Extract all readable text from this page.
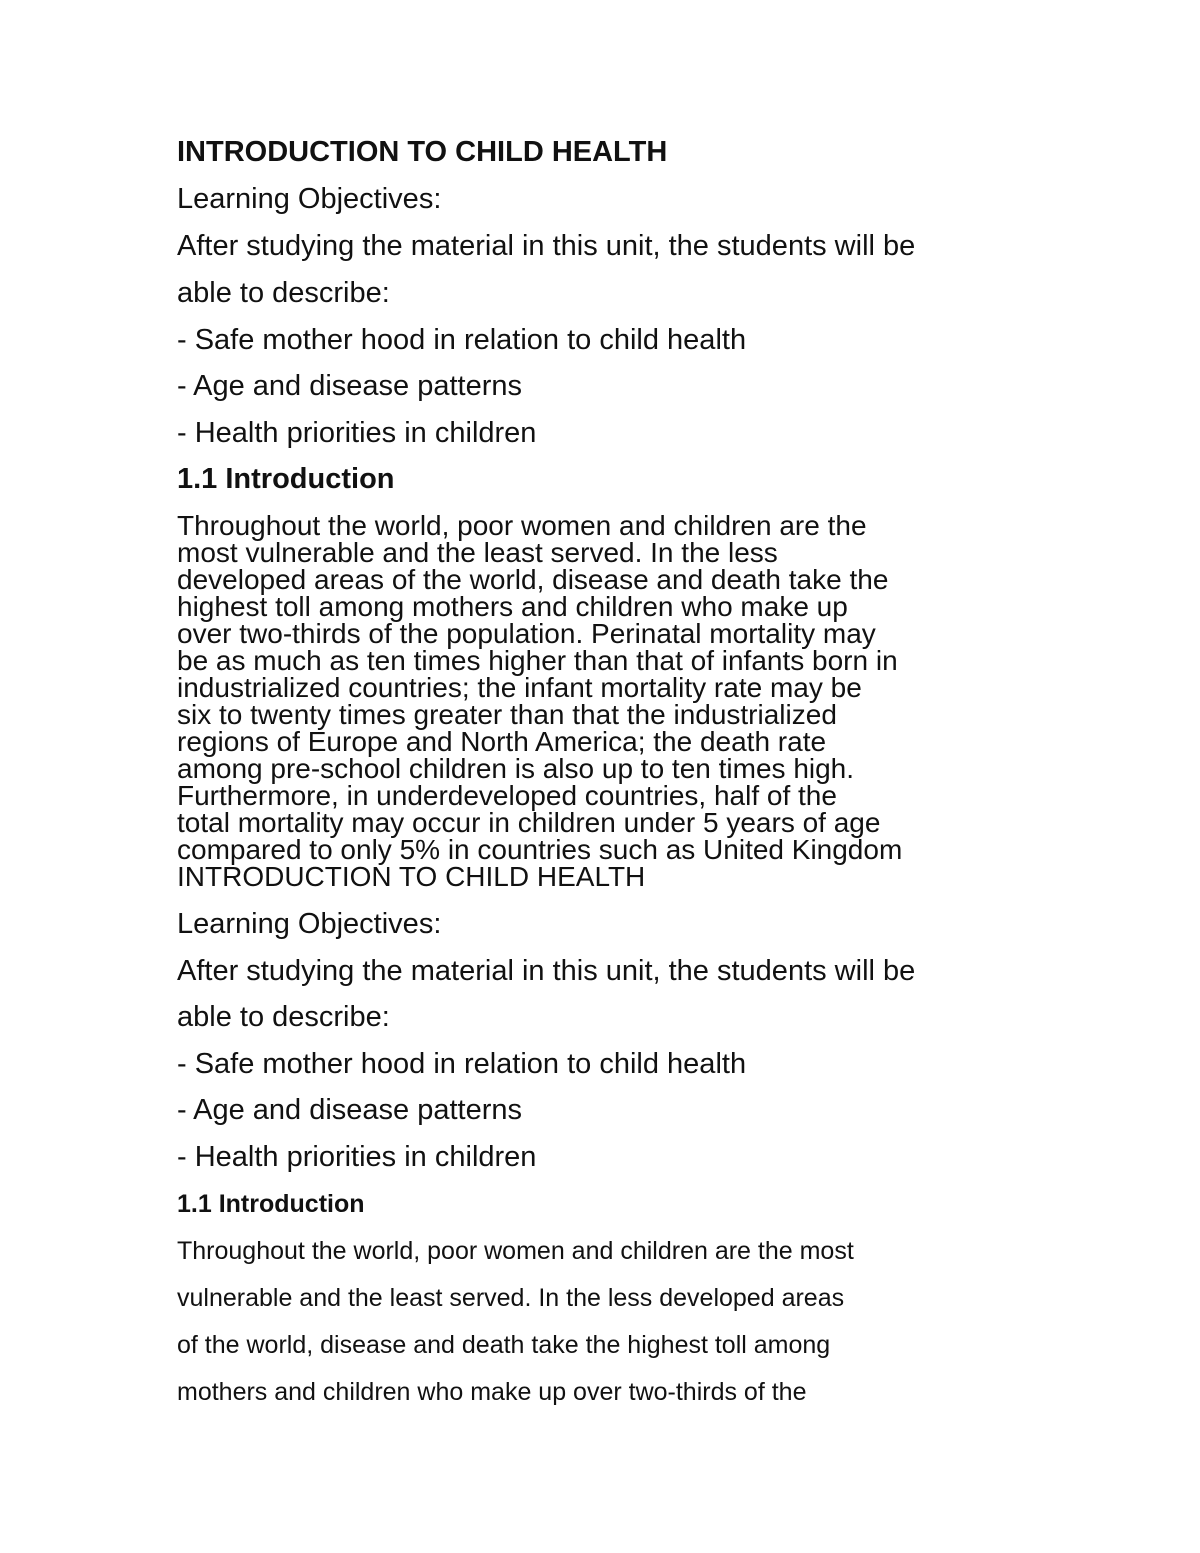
INTRODUCTION TO CHILD HEALTH

Learning Objectives:

After studying the material in this unit, the students will be

able to describe:

- Safe mother hood in relation to child health

- Age and disease patterns

- Health priorities in children

1.1 Introduction
Throughout the world, poor women and children are the
most vulnerable and the least served. In the less
developed areas of the world, disease and death take the
highest toll among mothers and children who make up
over two-thirds of the population. Perinatal mortality may
be as much as ten times higher than that of infants born in
industrialized countries; the infant mortality rate may be
six to twenty times greater than that the industrialized
regions of Europe and North America; the death rate
among pre-school children is also up to ten times high.
Furthermore, in underdeveloped countries, half of the
total mortality may occur in children under 5 years of age
compared to only 5% in countries such as United Kingdom
INTRODUCTION TO CHILD HEALTH

Learning Objectives:

After studying the material in this unit, the students will be

able to describe:

- Safe mother hood in relation to child health

- Age and disease patterns

- Health priorities in children

1.1 Introduction

Throughout the world, poor women and children are the most

vulnerable and the least served. In the less developed areas

of the world, disease and death take the highest toll among

mothers and children who make up over two-thirds of the
